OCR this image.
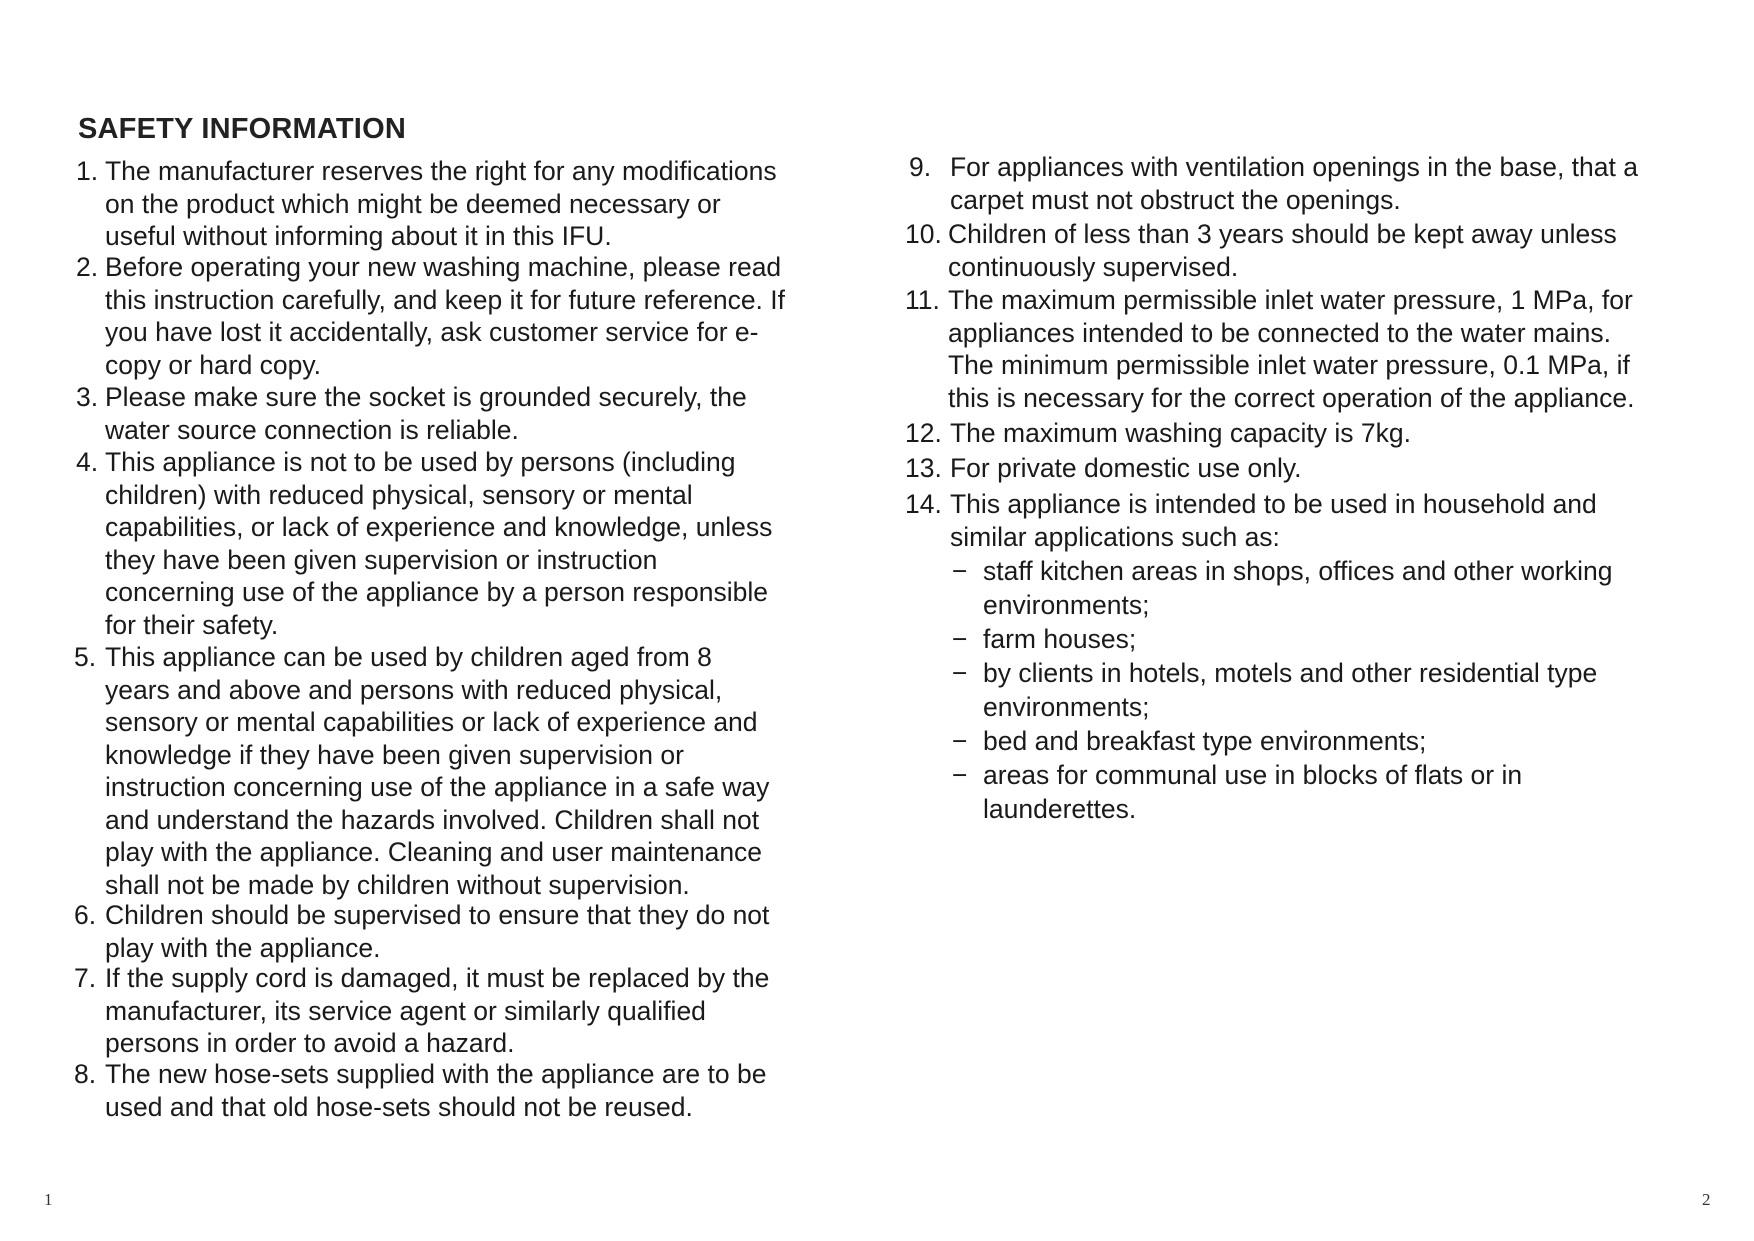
SAFETY INFORMATION
1. The manufacturer reserves the right for any modifications
on the product which might be deemed necessary or
useful without informing about it in this IFU.
2. Before operating your new washing machine, please read
this instruction carefully, and keep it for future reference. If
you have lost it accidentally, ask customer service for e-
copy or hard copy.
3. Please make sure the socket is grounded securely, the
water source connection is reliable.
4. This appliance is not to be used by persons (including
children) with reduced physical, sensory or mental
capabilities, or lack of experience and knowledge, unless
they have been given supervision or instruction
concerning use of the appliance by a person responsible
for their safety.
5. This appliance can be used by children aged from 8
years and above and persons with reduced physical,
sensory or mental capabilities or lack of experience and
knowledge if they have been given supervision or
instruction concerning use of the appliance in a safe way
and understand the hazards involved. Children shall not
play with the appliance. Cleaning and user maintenance
shall not be made by children without supervision.
6. Children should be supervised to ensure that they do not
play with the appliance.
7. If the supply cord is damaged, it must be replaced by the
manufacturer, its service agent or similarly qualified
persons in order to avoid a hazard.
8. The new hose-sets supplied with the appliance are to be
used and that old hose-sets should not be reused.
9. For appliances with ventilation openings in the base, that a
carpet must not obstruct the openings.
10. Children of less than 3 years should be kept away unless
continuously supervised.
11. The maximum permissible inlet water pressure, 1 MPa, for
appliances intended to be connected to the water mains.
The minimum permissible inlet water pressure, 0.1 MPa, if
this is necessary for the correct operation of the appliance.
12. The maximum washing capacity is 7kg.
13. For private domestic use only.
14. This appliance is intended to be used in household and
similar applications such as:
− staff kitchen areas in shops, offices and other working
environments;
− farm houses;
− by clients in hotels, motels and other residential type
environments;
− bed and breakfast type environments;
− areas for communal use in blocks of flats or in
launderettes.
1	2
